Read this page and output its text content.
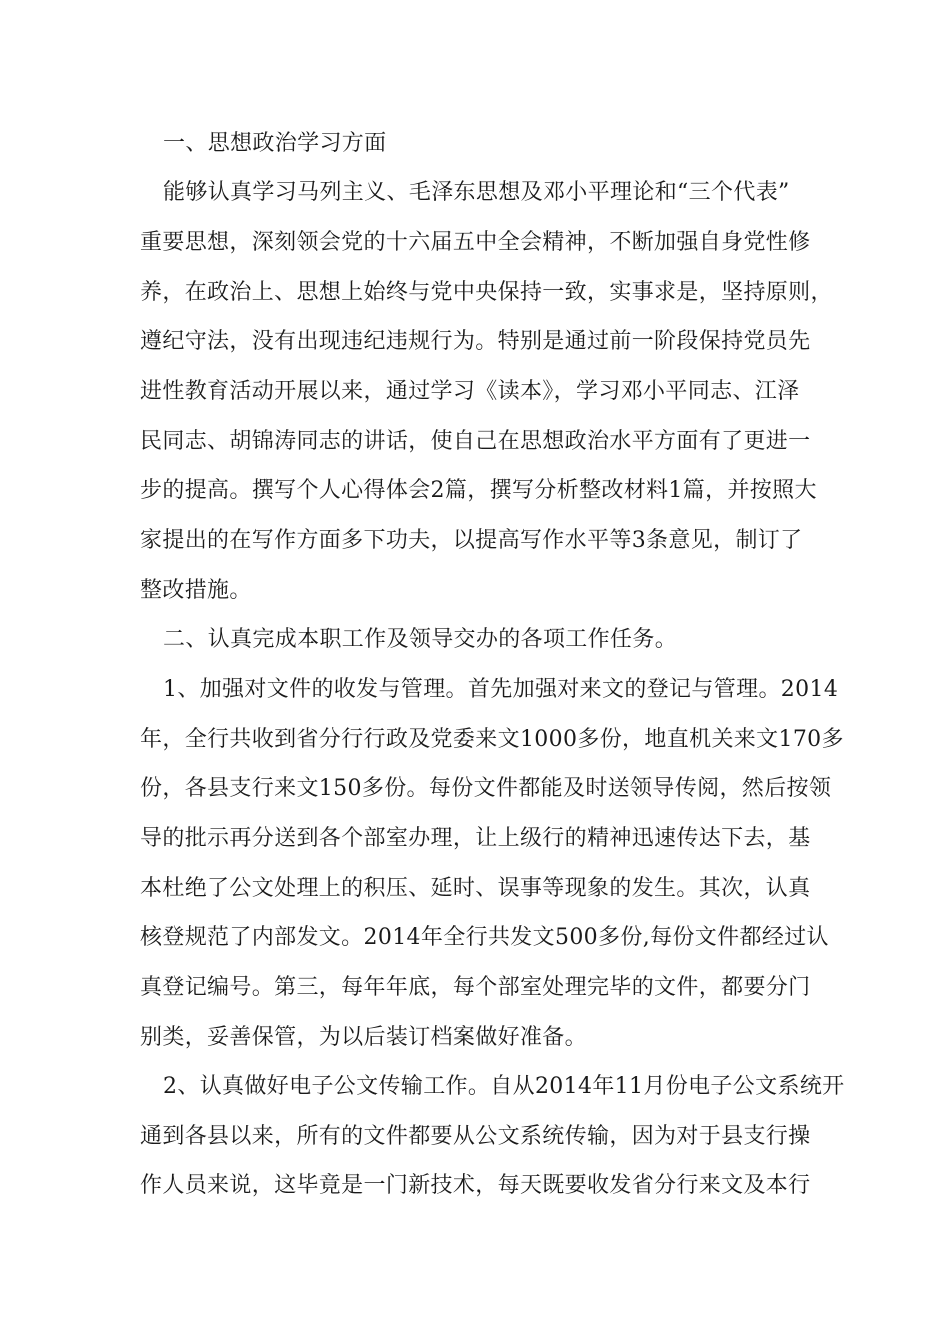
一、思想政治学习方面
能够认真学习马列主义、毛泽东思想及邓小平理论和“三个代表”
重要思想，深刻领会党的十六届五中全会精神，不断加强自身党性修
养，在政治上、思想上始终与党中央保持一致，实事求是，坚持原则，
遵纪守法，没有出现违纪违规行为。特别是通过前一阶段保持党员先
进性教育活动开展以来，通过学习《读本》，学习邓小平同志、江泽
民同志、胡锦涛同志的讲话，使自己在思想政治水平方面有了更进一
步的提高。撰写个人心得体会2篇，撰写分析整改材料1篇，并按照大
家提出的在写作方面多下功夫，以提高写作水平等3条意见，制订了
整改措施。
二、认真完成本职工作及领导交办的各项工作任务。
1、加强对文件的收发与管理。首先加强对来文的登记与管理。2014
年，全行共收到省分行行政及党委来文1000多份，地直机关来文170多
份，各县支行来文150多份。每份文件都能及时送领导传阅，然后按领
导的批示再分送到各个部室办理，让上级行的精神迅速传达下去，基
本杜绝了公文处理上的积压、延时、误事等现象的发生。其次，认真
核登规范了内部发文。2014年全行共发文500多份,每份文件都经过认
真登记编号。第三，每年年底，每个部室处理完毕的文件，都要分门
别类，妥善保管，为以后装订档案做好准备。
2、认真做好电子公文传输工作。自从2014年11月份电子公文系统开
通到各县以来，所有的文件都要从公文系统传输，因为对于县支行操
作人员来说，这毕竟是一门新技术，每天既要收发省分行来文及本行
